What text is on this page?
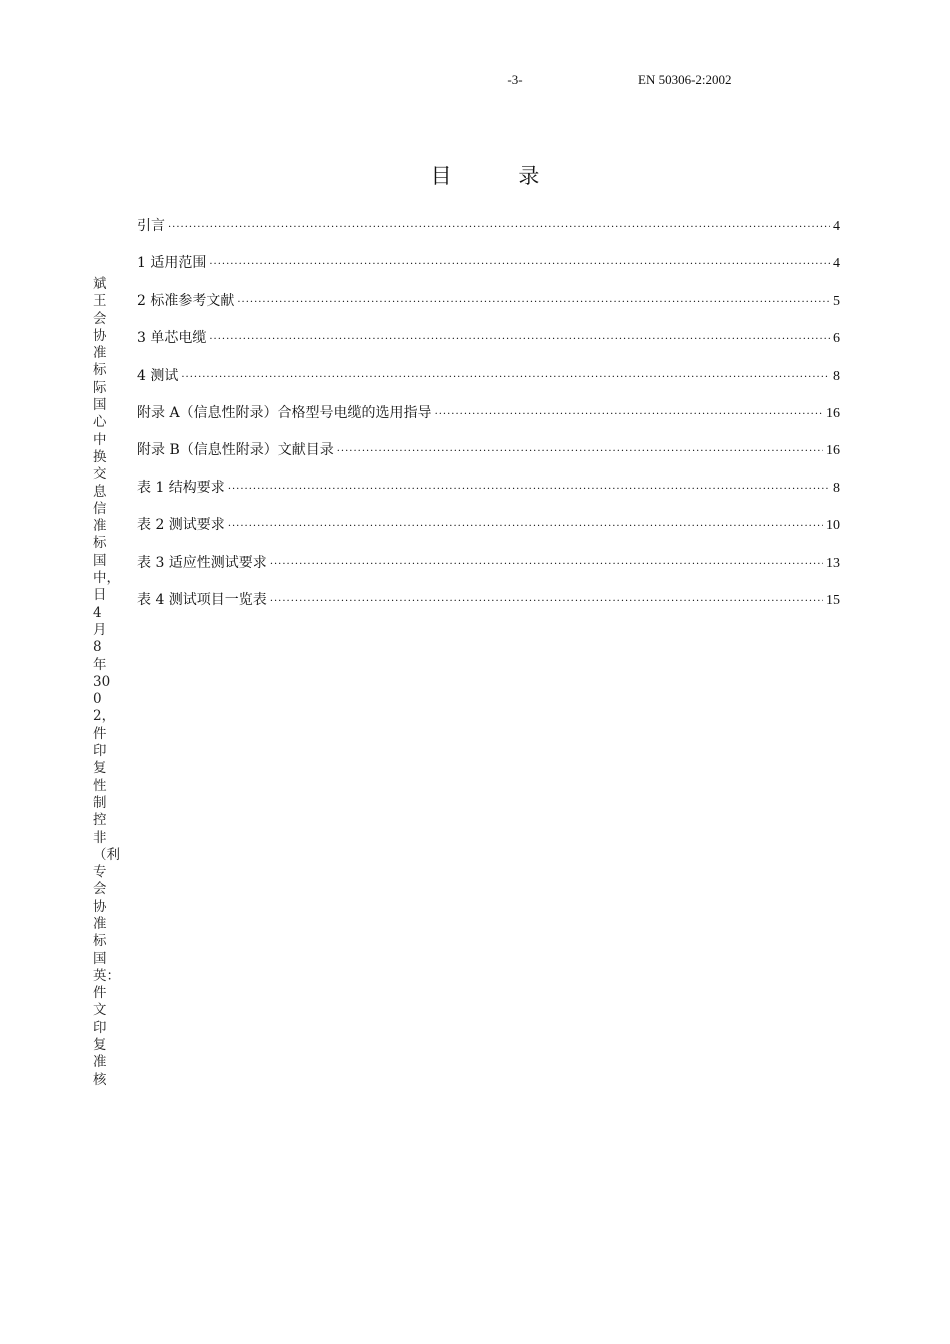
-3-	EN 50306-2:2002
目 录
引言 ·····	4
1 适用范围 ·····	4
2 标准参考文献 ·····	5
3 单芯电缆 ·····	6
4 测试 ·····	8
附录 A（信息性附录）合格型号电缆的选用指导 ·····	16
附录 B（信息性附录）文献目录 ·····	16
表 1 结构要求 ·····	8
表 2 测试要求 ·····	10
表 3 适应性测试要求 ·····	13
表 4 测试项目一览表 ·····	15
斌王 会协准标际国心中换交息信准标国中，日4月8年3002，件印复性制控非（利专会协准标国英：件文印复准核
